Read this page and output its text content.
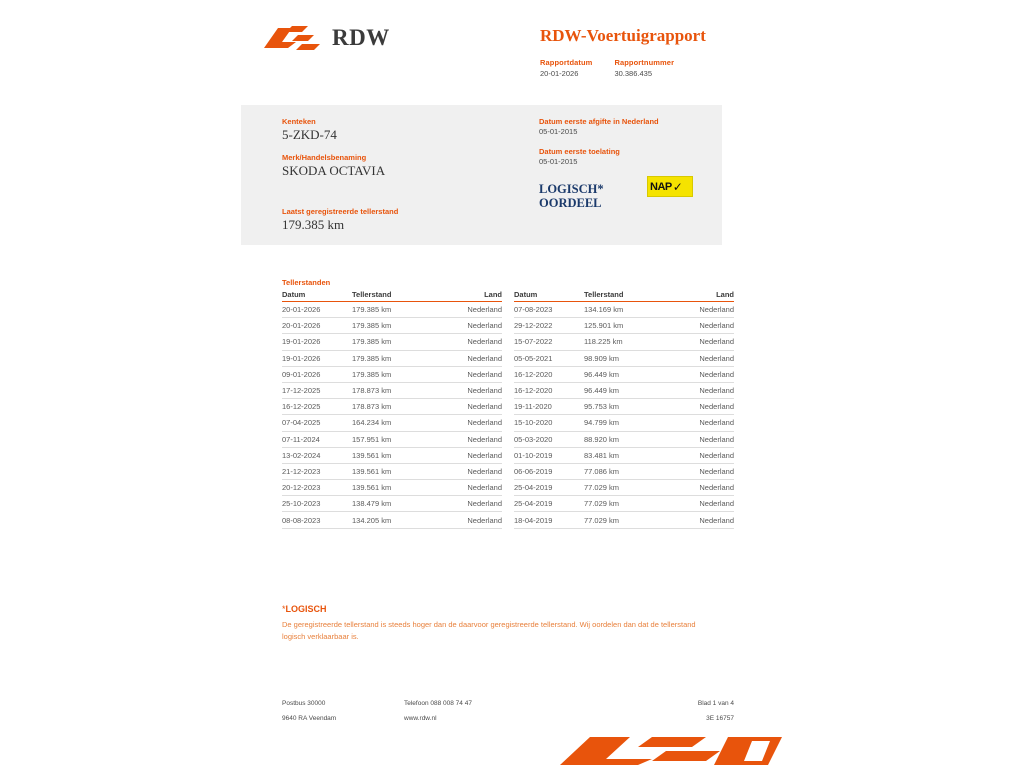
RDW	RDW-Voertuigrapport
Rapportdatum
20-01-2026
Rapportnummer
30.386.435
Kenteken
5-ZKD-74
Merk/Handelsbenaming
SKODA OCTAVIA
Laatst geregistreerde tellerstand
179.385 km
Datum eerste afgifte in Nederland
05-01-2015
Datum eerste toelating
05-01-2015
LOGISCH*
OORDEEL
NAP ✓
Tellerstanden
Datum	Tellerstand	Land
20-01-2026	179.385 km	Nederland
20-01-2026	179.385 km	Nederland
19-01-2026	179.385 km	Nederland
19-01-2026	179.385 km	Nederland
09-01-2026	179.385 km	Nederland
17-12-2025	178.873 km	Nederland
16-12-2025	178.873 km	Nederland
07-04-2025	164.234 km	Nederland
07-11-2024	157.951 km	Nederland
13-02-2024	139.561 km	Nederland
21-12-2023	139.561 km	Nederland
20-12-2023	139.561 km	Nederland
25-10-2023	138.479 km	Nederland
08-08-2023	134.205 km	Nederland
Datum	Tellerstand	Land
07-08-2023	134.169 km	Nederland
29-12-2022	125.901 km	Nederland
15-07-2022	118.225 km	Nederland
05-05-2021	98.909 km	Nederland
16-12-2020	96.449 km	Nederland
16-12-2020	96.449 km	Nederland
19-11-2020	95.753 km	Nederland
15-10-2020	94.799 km	Nederland
05-03-2020	88.920 km	Nederland
01-10-2019	83.481 km	Nederland
06-06-2019	77.086 km	Nederland
25-04-2019	77.029 km	Nederland
25-04-2019	77.029 km	Nederland
18-04-2019	77.029 km	Nederland
*LOGISCH
De geregistreerde tellerstand is steeds hoger dan de daarvoor geregistreerde tellerstand. Wij oordelen dan dat de tellerstand logisch verklaarbaar is.
Postbus 30000
9640 RA Veendam
Telefoon 088 008 74 47
www.rdw.nl
Blad 1 van 4
3E 16757
